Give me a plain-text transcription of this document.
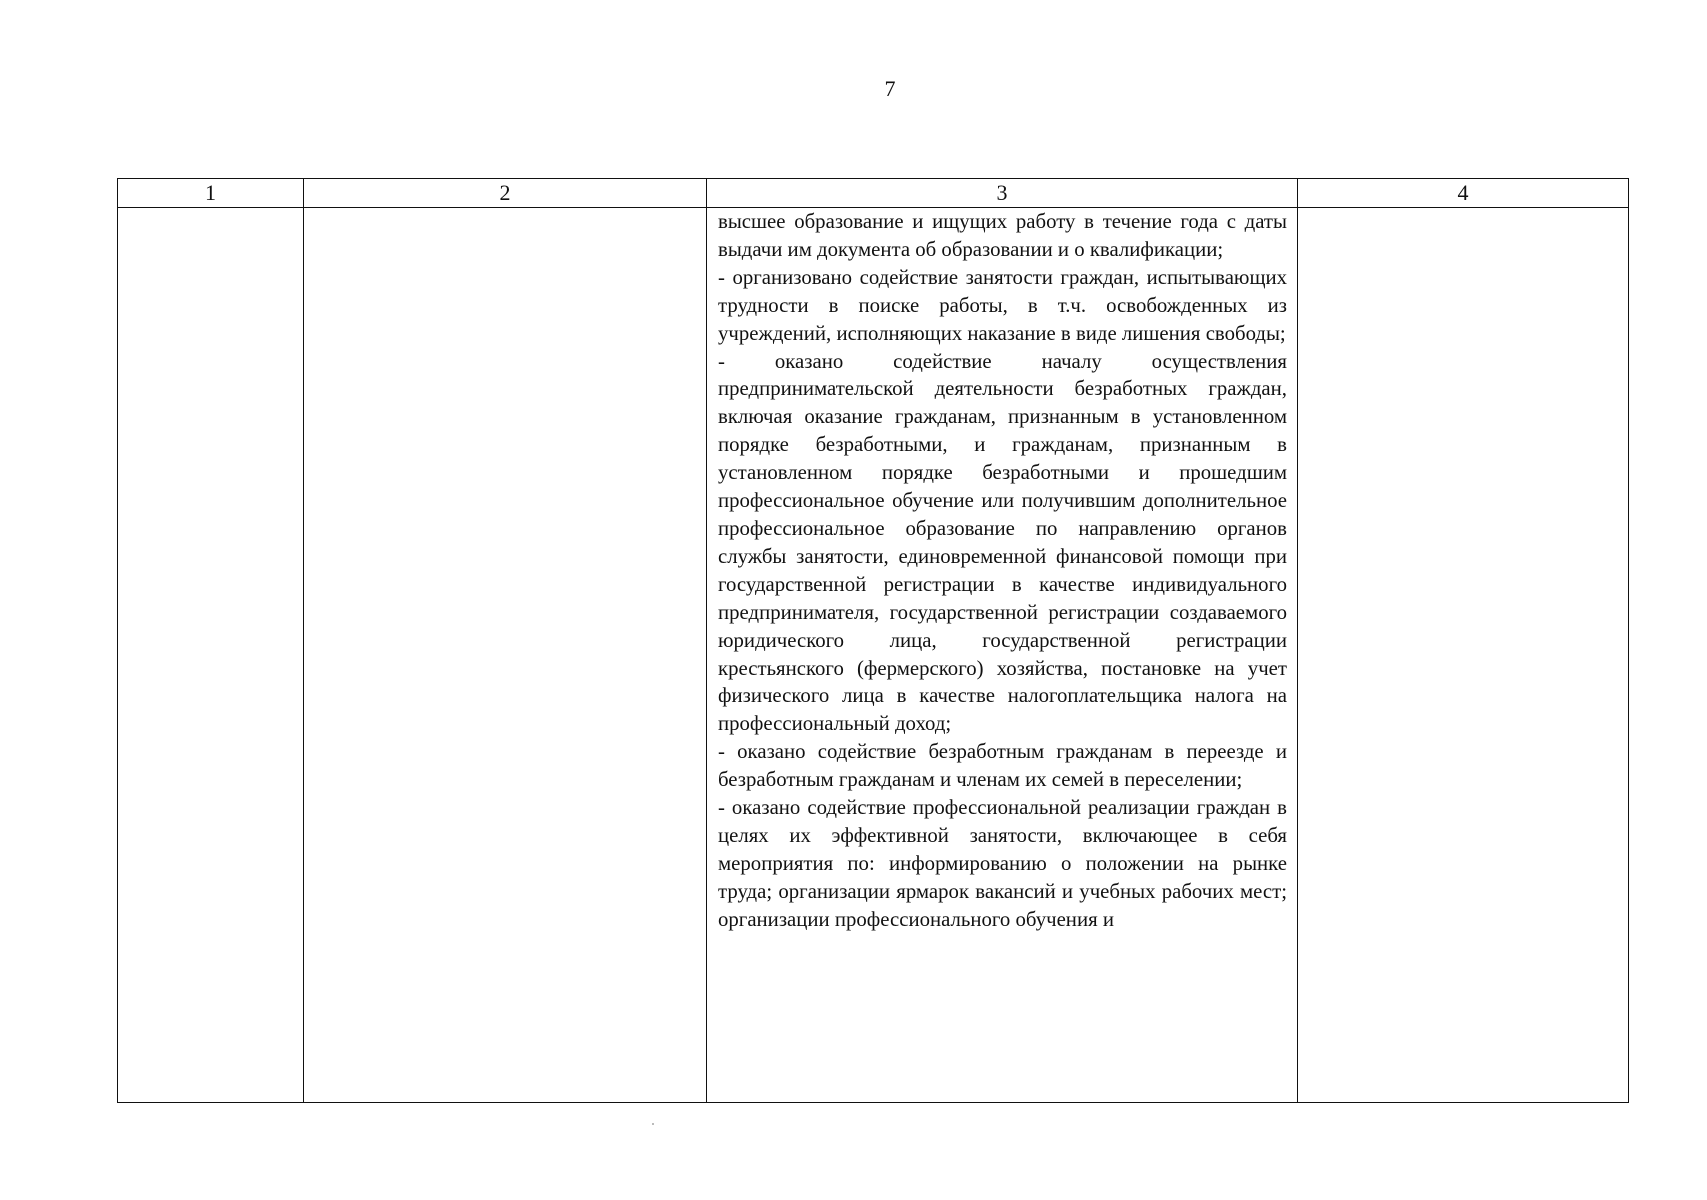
7
1	2	3	4

		высшее образование и ищущих работу в течение года с даты выдачи им документа об образовании и о квалификации;

- организовано содействие занятости граждан, испытывающих трудности в поиске работы, в т.ч. освобожденных из учреждений, исполняющих наказание в виде лишения свободы;

- оказано содействие началу осуществления предпринимательской деятельности безработных граждан, включая оказание гражданам, признанным в установленном порядке безработными, и гражданам, признанным в установленном порядке безработными и прошедшим профессиональное обучение или получившим дополнительное профессиональное образование по направлению органов службы занятости, единовременной финансовой помощи при государственной регистрации в качестве индивидуального предпринимателя, государственной регистрации создаваемого юридического лица, государственной регистрации крестьянского (фермерского) хозяйства, постановке на учет физического лица в качестве налогоплательщика налога на профессиональный доход;

- оказано содействие безработным гражданам в переезде и безработным гражданам и членам их семей в переселении;

- оказано содействие профессиональной реализации граждан в целях их эффективной занятости, включающее в себя мероприятия по: информированию о положении на рынке труда; организации ярмарок вакансий и учебных рабочих мест; организации профессионального обучения и	
